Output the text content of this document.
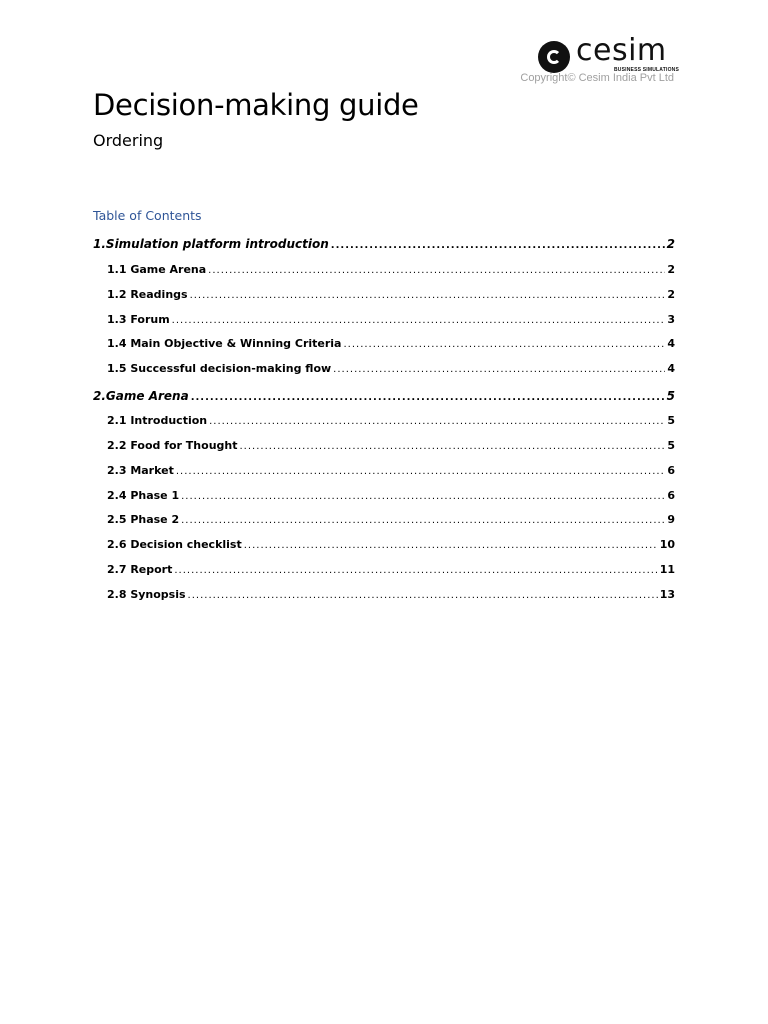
cesim
BUSINESS SIMULATIONS
Copyright© Cesim India Pvt Ltd
Decision-making guide
Ordering
Table of Contents
1. Simulation platform introduction .....	2
1.1 Game Arena .....	2
1.2 Readings .....	2
1.3 Forum .....	3
1.4 Main Objective & Winning Criteria .....	4
1.5 Successful decision-making flow .....	4
2. Game Arena .....	5
2.1 Introduction .....	5
2.2 Food for Thought .....	5
2.3 Market .....	6
2.4 Phase 1 .....	6
2.5 Phase 2 .....	9
2.6 Decision checklist .....	10
2.7 Report .....	11
2.8 Synopsis .....	13
